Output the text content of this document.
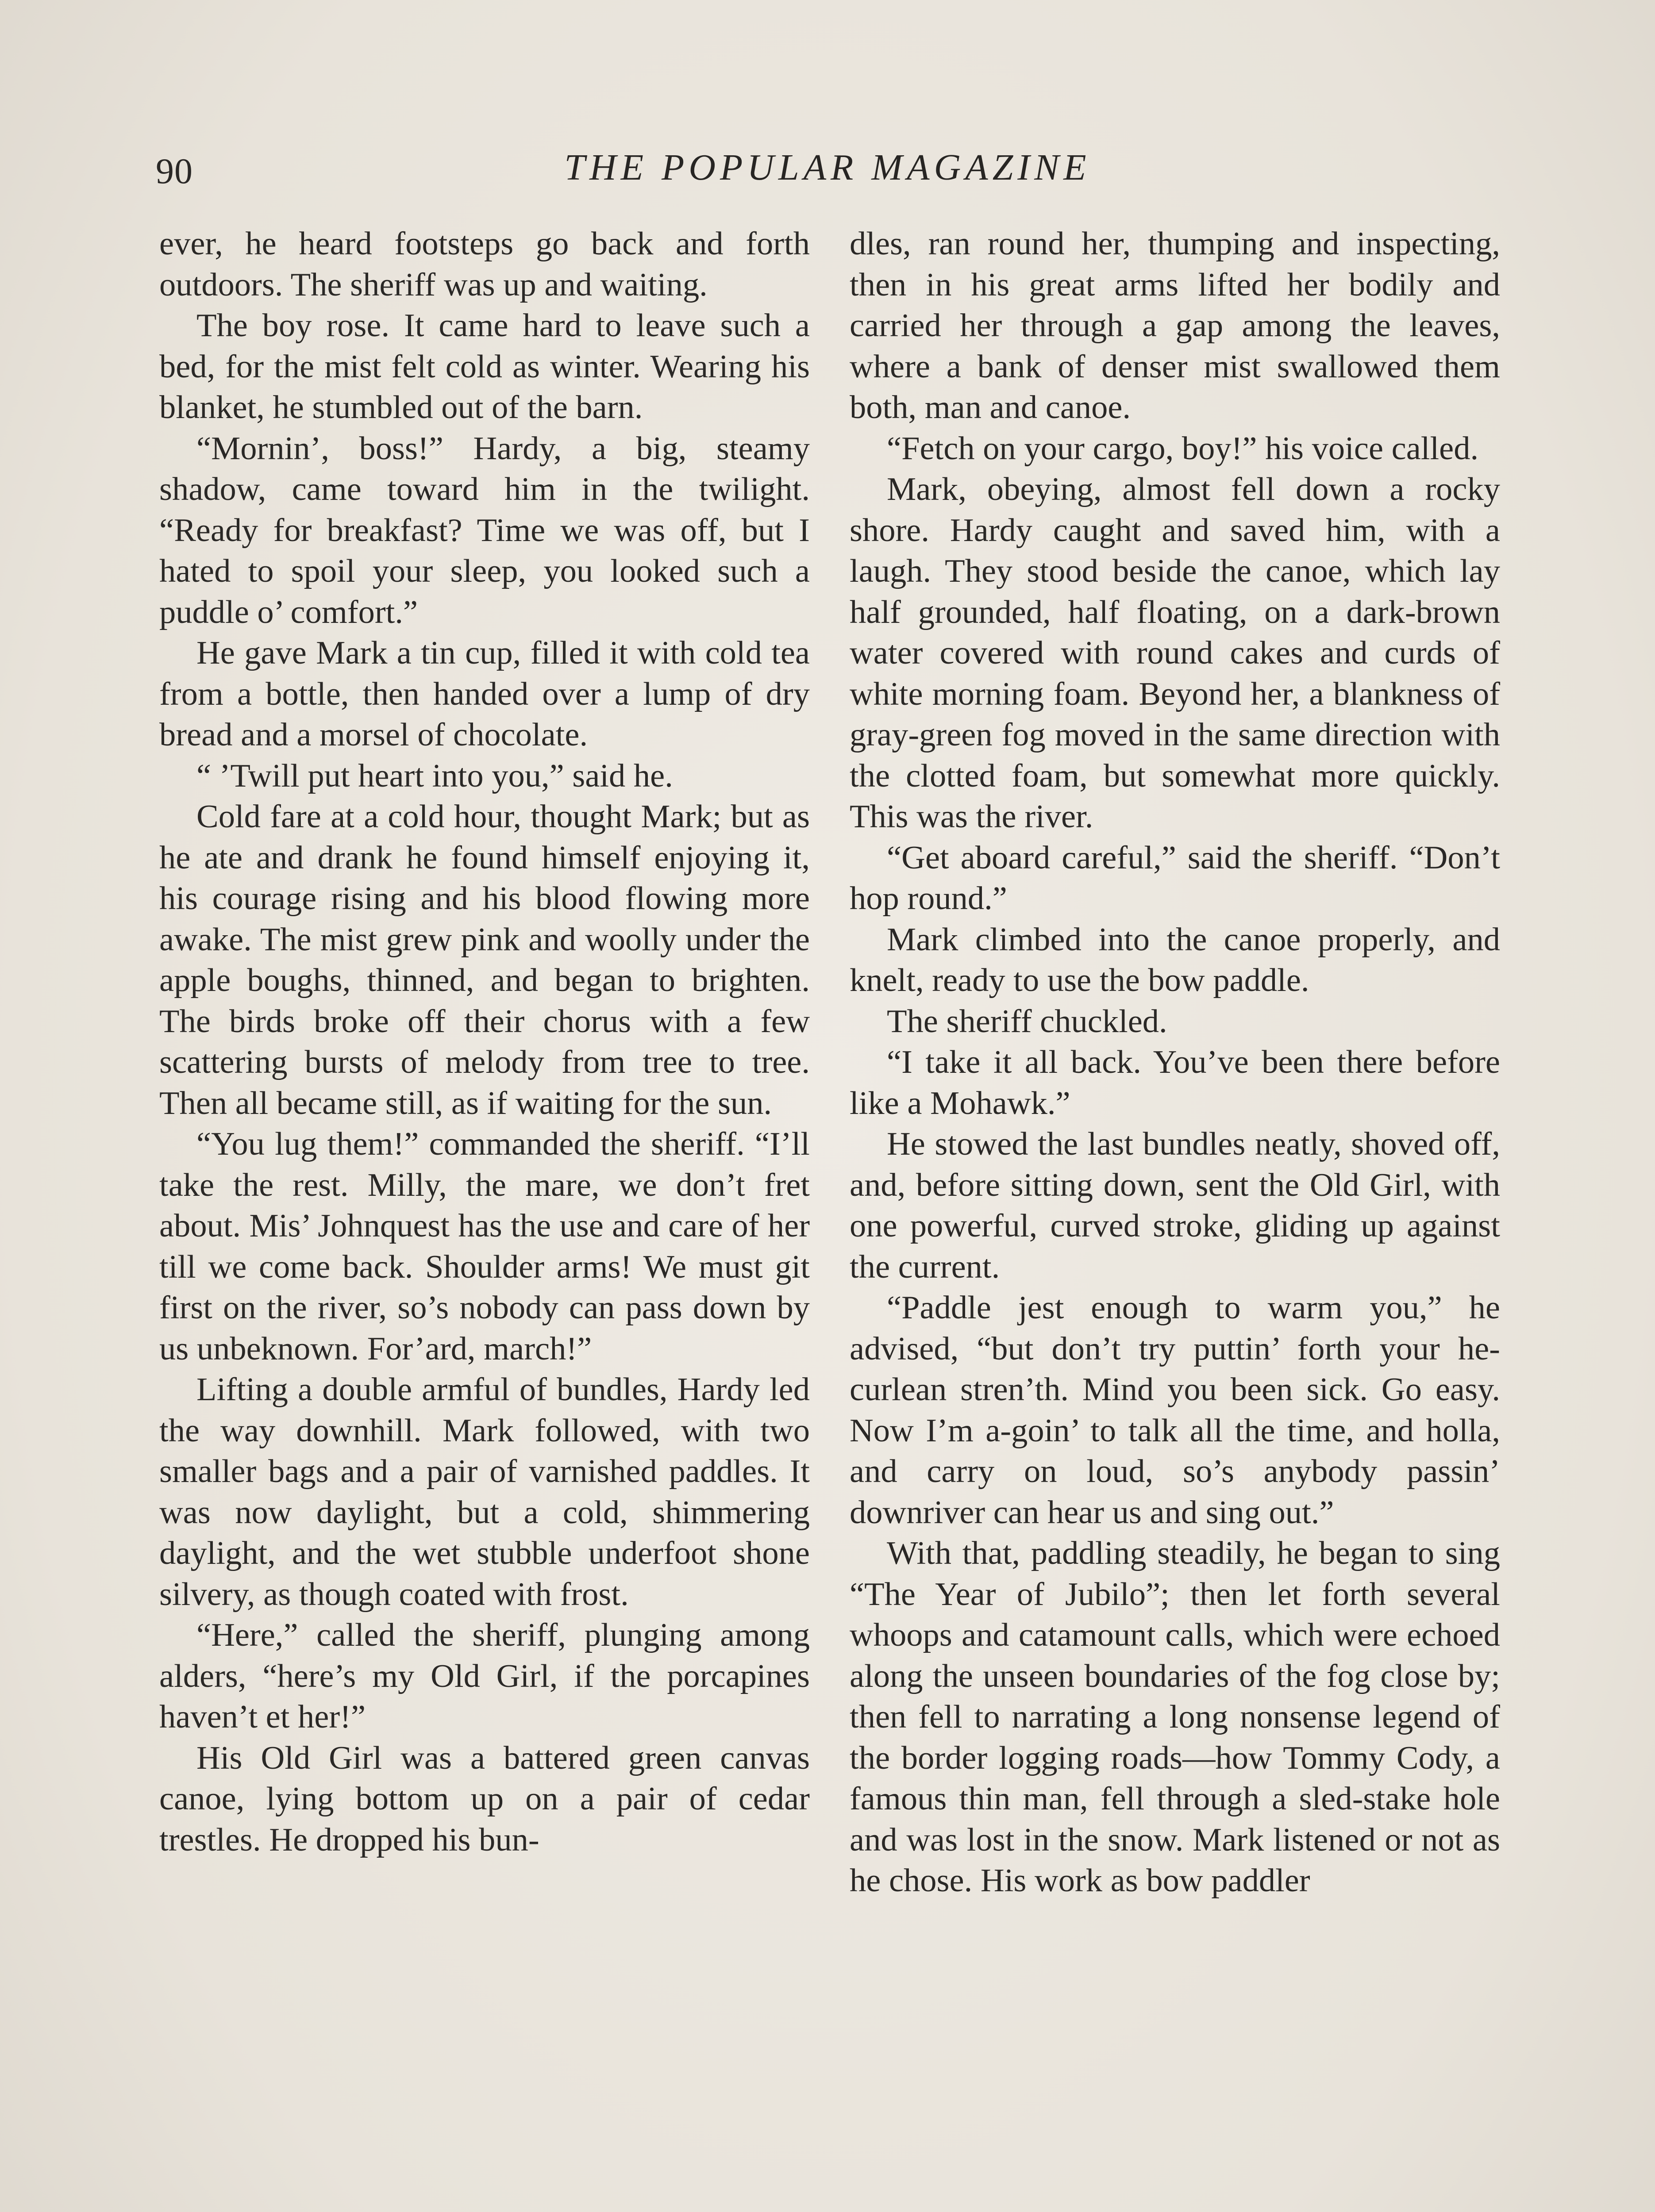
90	THE POPULAR MAGAZINE

ever, he heard footsteps go back and forth outdoors. The sheriff was up and waiting.

The boy rose. It came hard to leave such a bed, for the mist felt cold as winter. Wearing his blanket, he stumbled out of the barn.

“Mornin’, boss!” Hardy, a big, steamy shadow, came toward him in the twilight. “Ready for breakfast? Time we was off, but I hated to spoil your sleep, you looked such a puddle o’ comfort.”

He gave Mark a tin cup, filled it with cold tea from a bottle, then handed over a lump of dry bread and a morsel of chocolate.

“ ’Twill put heart into you,” said he.

Cold fare at a cold hour, thought Mark; but as he ate and drank he found himself enjoying it, his courage rising and his blood flowing more awake. The mist grew pink and woolly under the apple boughs, thinned, and began to brighten. The birds broke off their chorus with a few scattering bursts of melody from tree to tree. Then all became still, as if waiting for the sun.

“You lug them!” commanded the sheriff. “I’ll take the rest. Milly, the mare, we don’t fret about. Mis’ Johnquest has the use and care of her till we come back. Shoulder arms! We must git first on the river, so’s nobody can pass down by us unbeknown. For’ard, march!”

Lifting a double armful of bundles, Hardy led the way downhill. Mark followed, with two smaller bags and a pair of varnished paddles. It was now daylight, but a cold, shimmering daylight, and the wet stubble underfoot shone silvery, as though coated with frost.

“Here,” called the sheriff, plunging among alders, “here’s my Old Girl, if the porcapines haven’t et her!”

His Old Girl was a battered green canvas canoe, lying bottom up on a pair of cedar trestles. He dropped his bun-

dles, ran round her, thumping and inspecting, then in his great arms lifted her bodily and carried her through a gap among the leaves, where a bank of denser mist swallowed them both, man and canoe.

“Fetch on your cargo, boy!” his voice called.

Mark, obeying, almost fell down a rocky shore. Hardy caught and saved him, with a laugh. They stood beside the canoe, which lay half grounded, half floating, on a dark-brown water covered with round cakes and curds of white morning foam. Beyond her, a blankness of gray-green fog moved in the same direction with the clotted foam, but somewhat more quickly. This was the river.

“Get aboard careful,” said the sheriff. “Don’t hop round.”

Mark climbed into the canoe properly, and knelt, ready to use the bow paddle.

The sheriff chuckled.

“I take it all back. You’ve been there before like a Mohawk.”

He stowed the last bundles neatly, shoved off, and, before sitting down, sent the Old Girl, with one powerful, curved stroke, gliding up against the current.

“Paddle jest enough to warm you,” he advised, “but don’t try puttin’ forth your he-curlean stren’th. Mind you been sick. Go easy. Now I’m a-goin’ to talk all the time, and holla, and carry on loud, so’s anybody passin’ downriver can hear us and sing out.”

With that, paddling steadily, he began to sing “The Year of Jubilo”; then let forth several whoops and catamount calls, which were echoed along the unseen boundaries of the fog close by; then fell to narrating a long nonsense legend of the border logging roads—how Tommy Cody, a famous thin man, fell through a sled-stake hole and was lost in the snow. Mark listened or not as he chose. His work as bow paddler
